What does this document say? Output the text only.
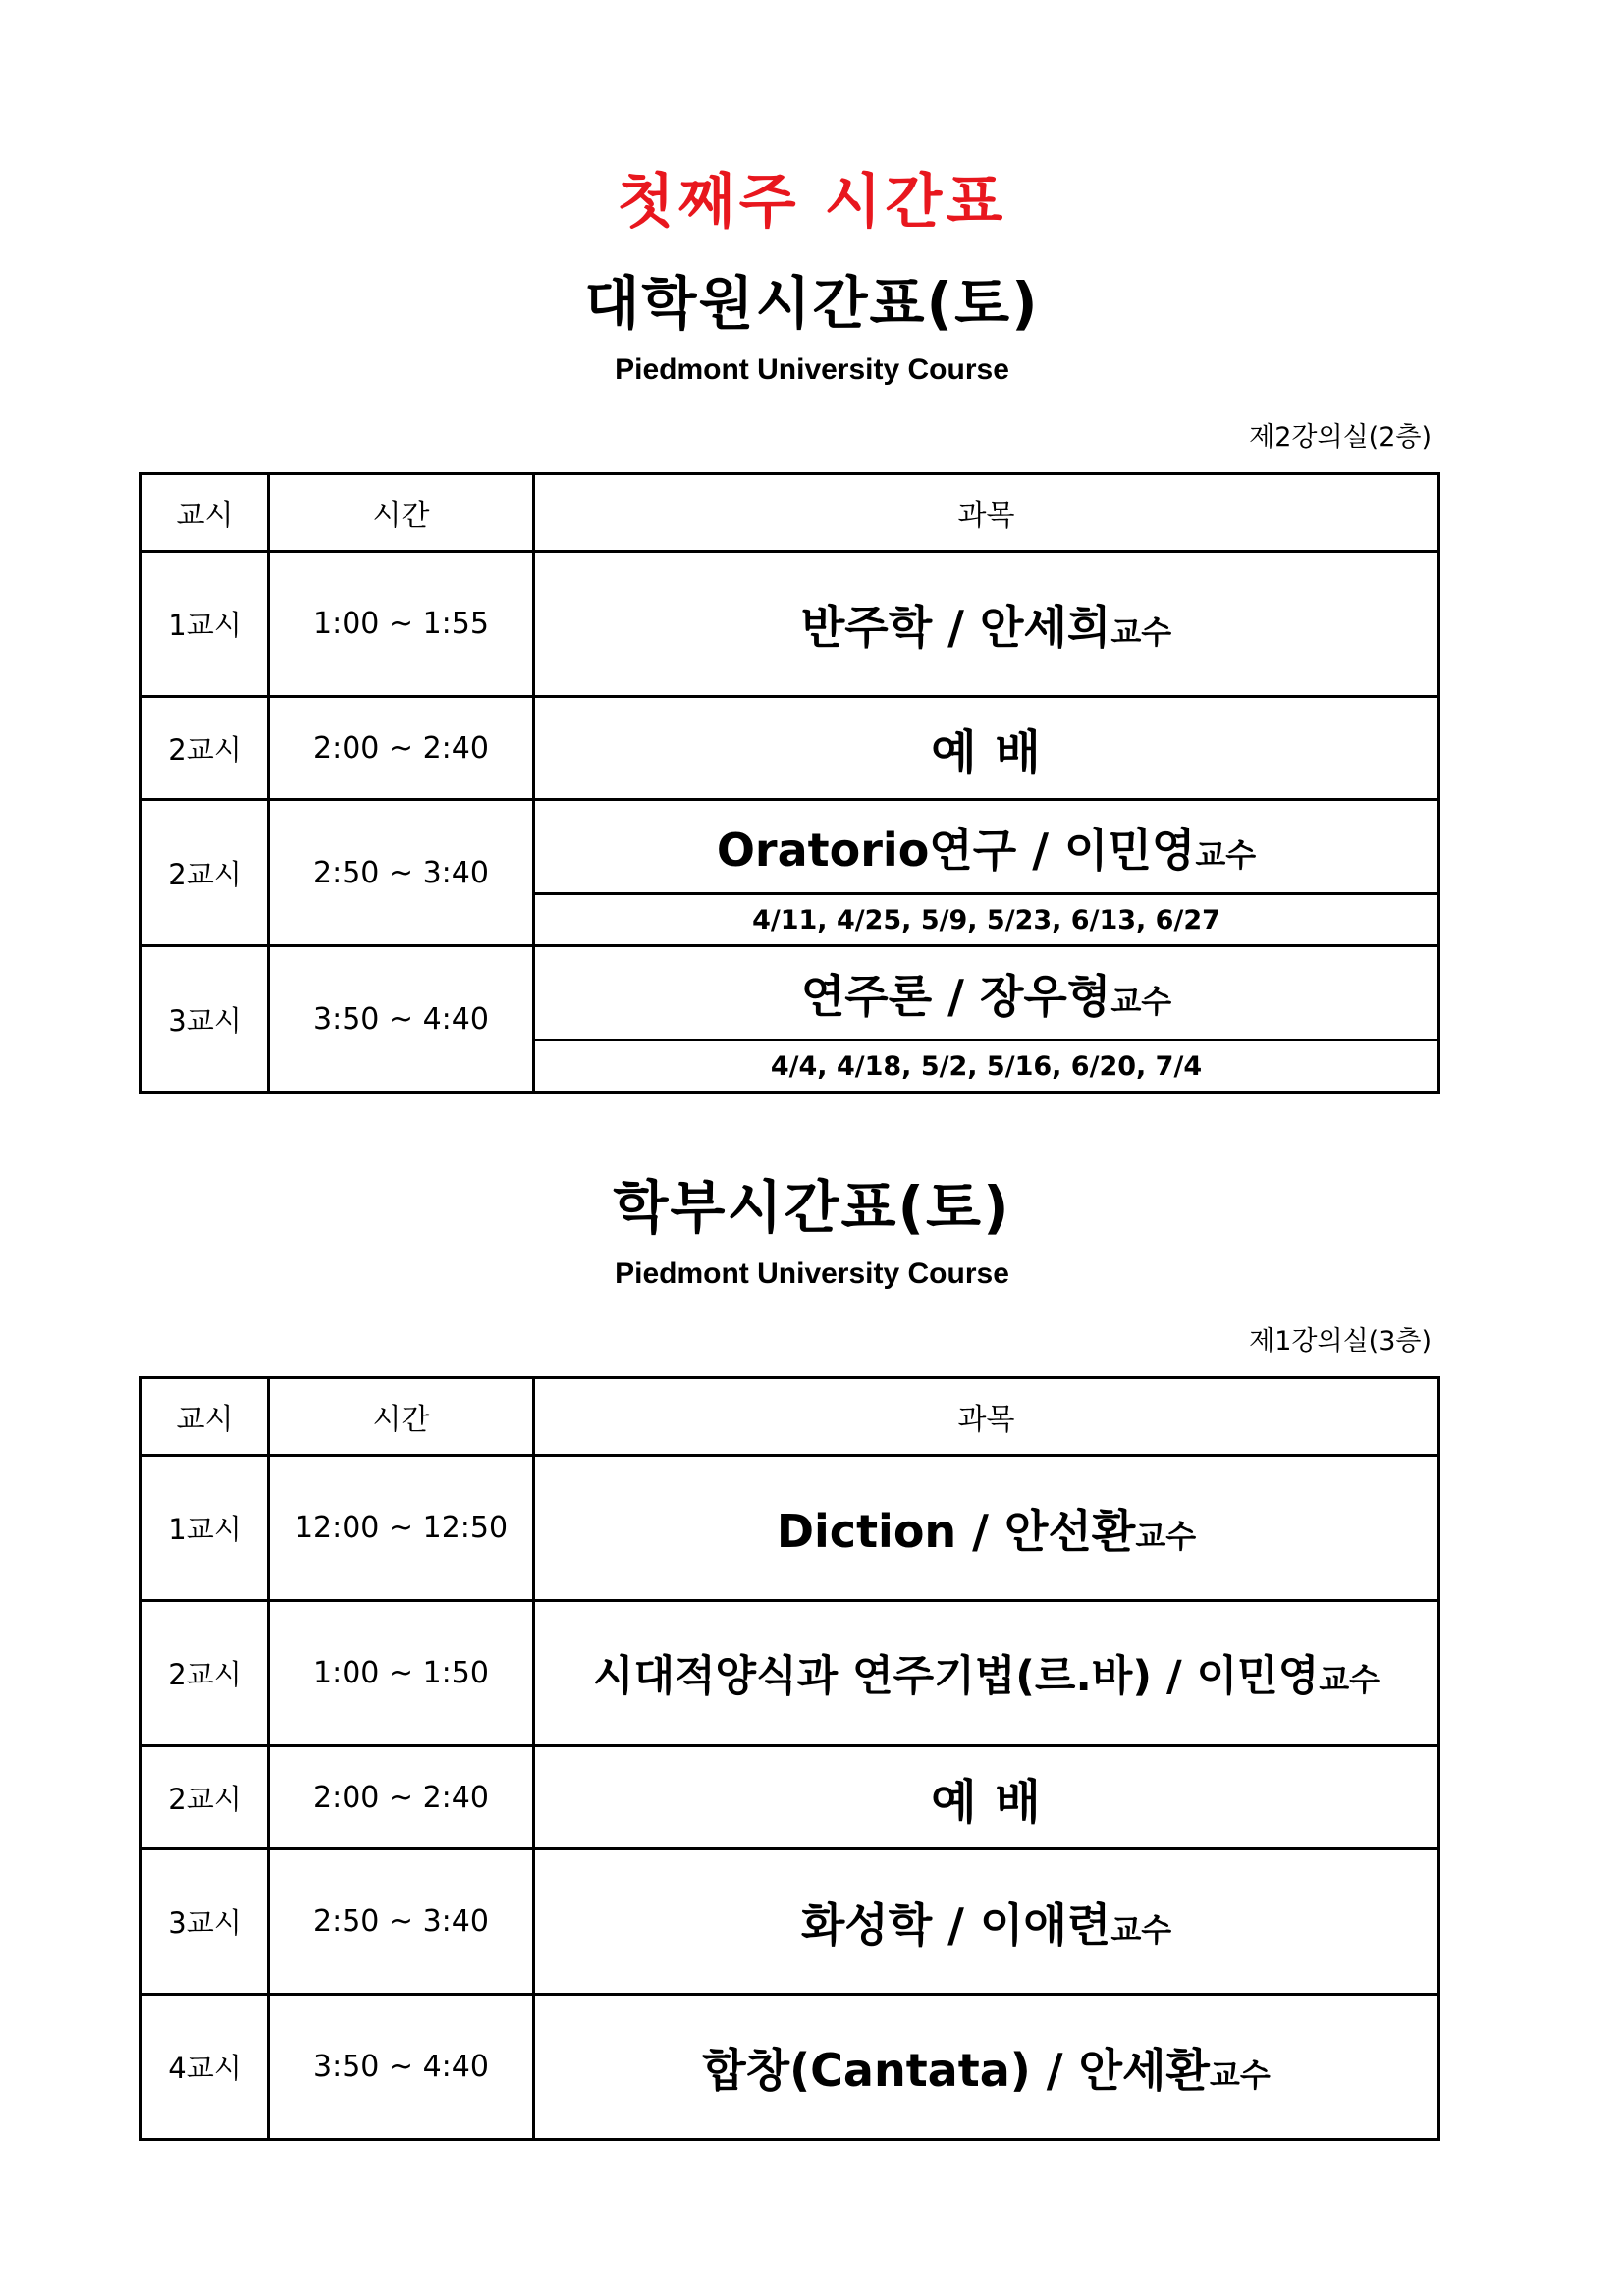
첫째주 시간표
대학원시간표(토)
Piedmont University Course
제2강의실(2층)
교시	시간	과목
1교시	1:00 ~ 1:55	반주학 / 안세희교수
2교시	2:00 ~ 2:40	예 배
2교시	2:50 ~ 3:40	Oratorio연구 / 이민영교수
		4/11, 4/25, 5/9, 5/23, 6/13, 6/27
3교시	3:50 ~ 4:40	연주론 / 장우형교수
		4/4, 4/18, 5/2, 5/16, 6/20, 7/4
학부시간표(토)
Piedmont University Course
제1강의실(3층)
교시	시간	과목
1교시	12:00 ~ 12:50	Diction / 안선환교수
2교시	1:00 ~ 1:50	시대적양식과 연주기법(르.바) / 이민영교수
2교시	2:00 ~ 2:40	예 배
3교시	2:50 ~ 3:40	화성학 / 이애련교수
4교시	3:50 ~ 4:40	합창(Cantata) / 안세환교수
